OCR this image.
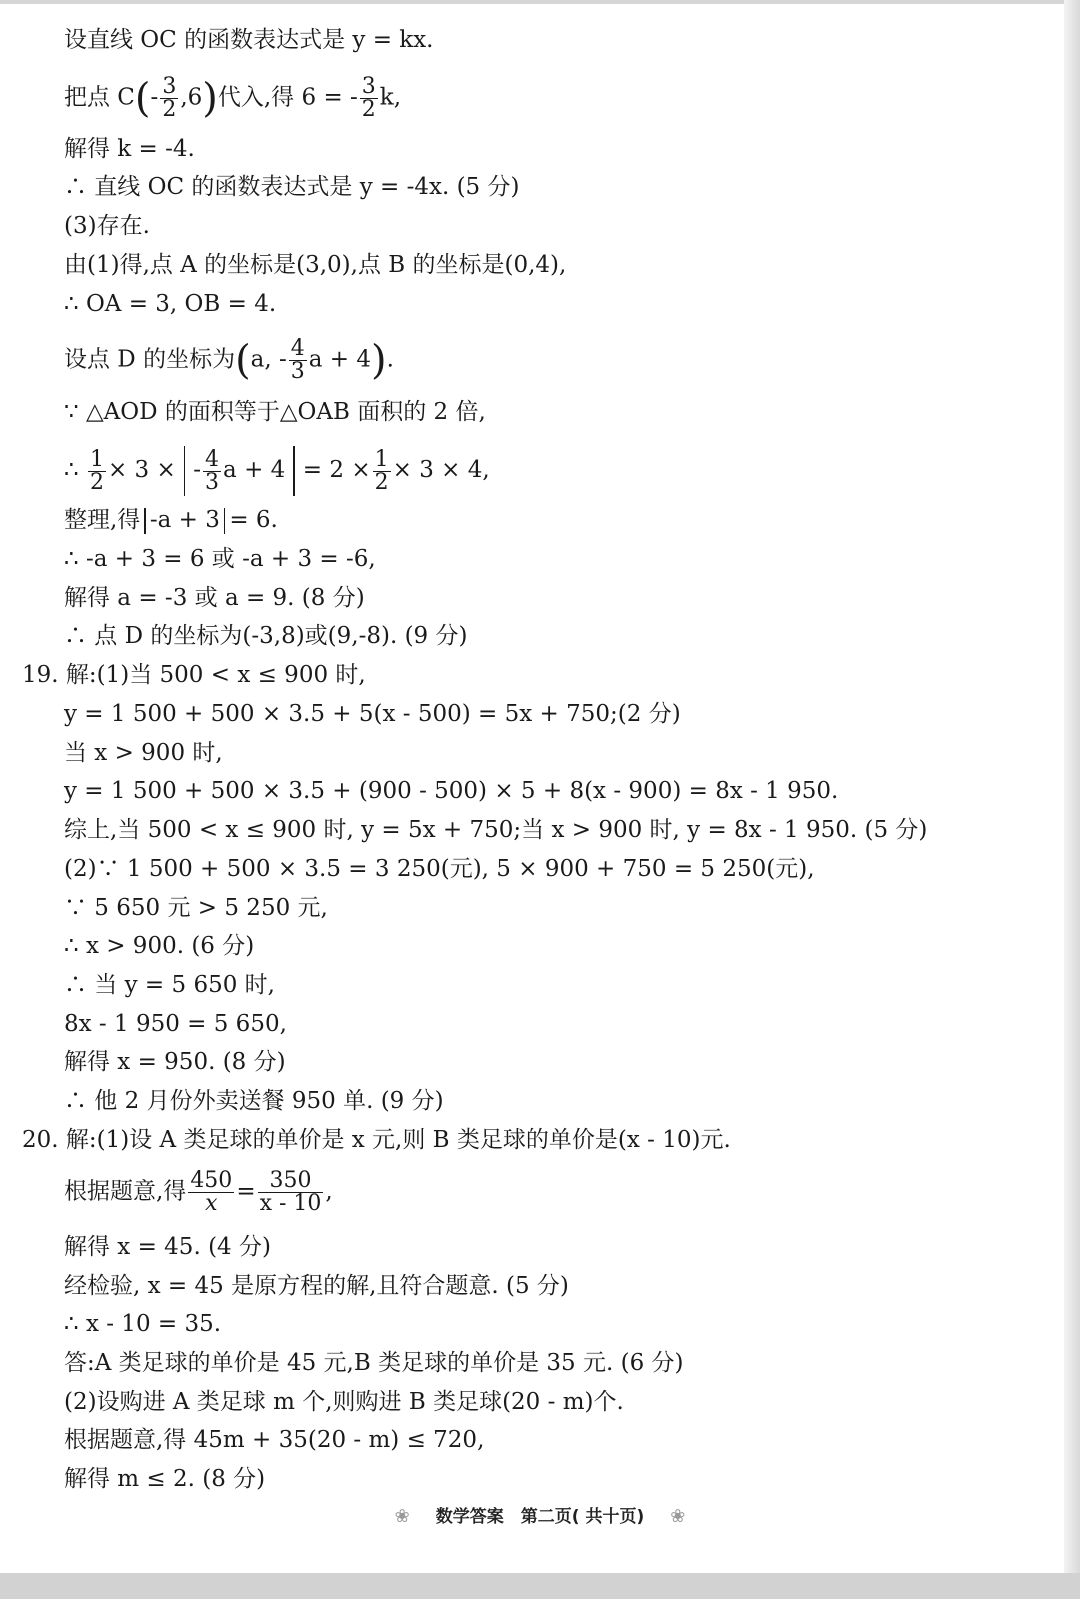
设直线 OC 的函数表达式是 y = kx.
把点 $C(- \frac{3}{2} ,6)$代入,得 6 = - $\frac{3}{2} k$,
解得 k = -4.
∴ 直线 OC 的函数表达式是 y = -4x. (5 分)
(3)存在.
由(1)得,点 A 的坐标是(3,0),点 B 的坐标是(0,4),
∴ OA = 3, OB = 4.
设点 D 的坐标为(a, - $\frac{4}{3}$ a + 4).
∵ △AOD 的面积等于△OAB 面积的 2 倍,
∴ $\frac{1}{2} \times 3$ × - $\frac{4}{3}$ $a + 4 = 2 \times \frac{1}{2} \times 3 \times 4$,
整理,得 -a + 3 = 6.
∴ -a + 3 = 6 或 -a + 3 = -6,
解得 a = -3 或 a = 9. (8 分)
∴ 点 D 的坐标为(-3,8)或(9,-8). (9 分)
19. 解:(1)当 500 < x ≤ 900 时,
y = 1 500 + 500 × 3.5 + 5(x - 500) = 5x + 750;(2 分)
当 x > 900 时,
y = 1 500 + 500 × 3.5 + (900 - 500) × 5 + 8(x - 900) = 8x - 1 950.
综上,当 500 < x ≤ 900 时, y = 5x + 750;当 x > 900 时, y = 8x - 1 950. (5 分)
(2)∵ 1 500 + 500 × 3.5 = 3 250(元), 5 × 900 + 750 = 5 250(元),
∵ 5 650 元 > 5 250 元,
∴ x > 900. (6 分)
∴ 当 y = 5 650 时,
8x - 1 950 = 5 650,
解得 x = 950. (8 分)
∴ 他 2 月份外卖送餐 950 单. (9 分)
20. 解:(1)设 A 类足球的单价是 x 元,则 B 类足球的单价是(x - 10)元.
根据题意,得 $\frac{450}{x} = \frac{350}{x - 10}$ ,
解得 x = 45. (4 分)
经检验, x = 45 是原方程的解,且符合题意. (5 分)
∴ x - 10 = 35.
答:A 类足球的单价是 45 元,B 类足球的单价是 35 元. (6 分)
(2)设购进 A 类足球 m 个,则购进 B 类足球(20 - m)个.
根据题意,得 45m + 35(20 - m) ≤ 720,
解得 m ≤ 2. (8 分)
❀ 数学答案　第二页( 共十页) ❀
